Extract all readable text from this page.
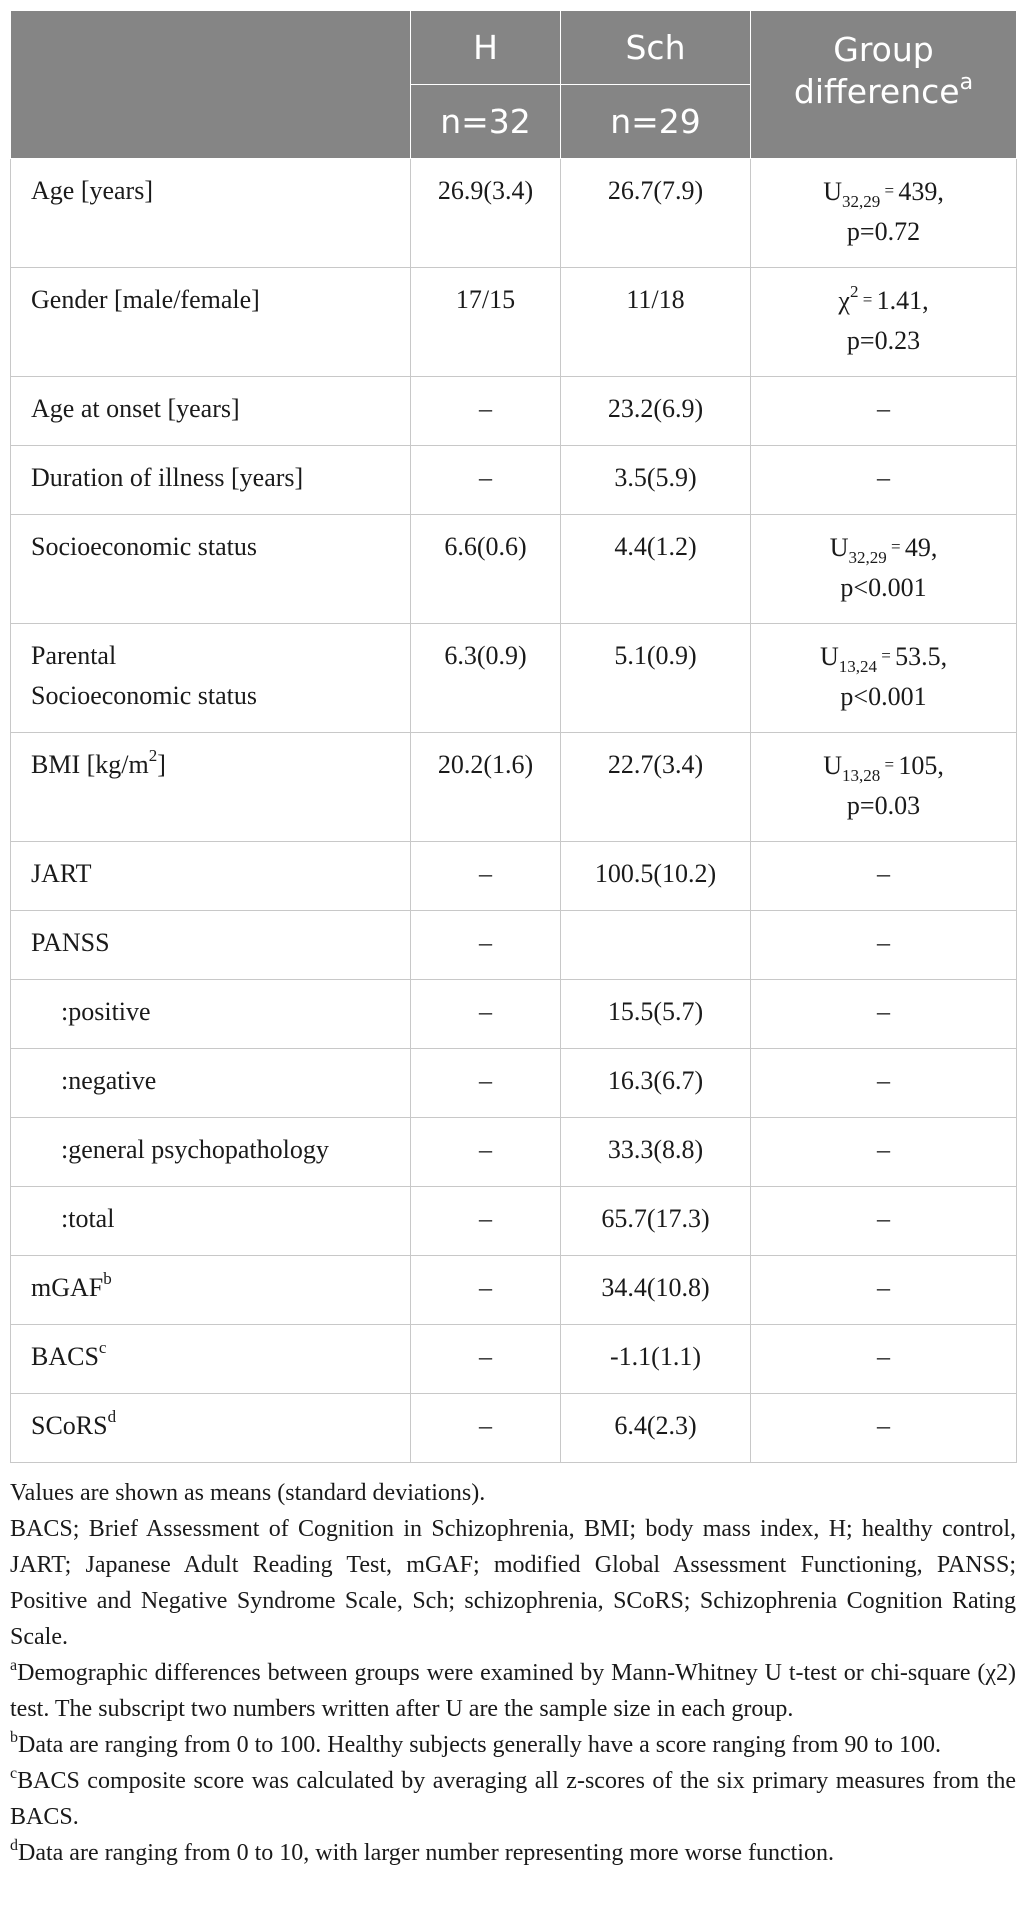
	H	Sch	Group difference$^a$
	n=32	n=29	
Age [years]	26.9(3.4)	26.7(7.9)	$U_{32,29} = 439$,
p=0.72
Gender [male/female]	17/15	11/18	$\chi^2 = 1.41$,
p=0.23
Age at onset [years]	–	23.2(6.9)	–
Duration of illness [years]	–	3.5(5.9)	–
Socioeconomic status	6.6(0.6)	4.4(1.2)	$U_{32,29} = 49$,
p<0.001
Parental
Socioeconomic status	6.3(0.9)	5.1(0.9)	$U_{13,24} = 53.5$,
p<0.001
BMI $[kg/m^2]$	20.2(1.6)	22.7(3.4)	$U_{13,28} = 105$,
p=0.03
JART	–	100.5(10.2)	–
PANSS	–		–
:positive	–	15.5(5.7)	–
:negative	–	16.3(6.7)	–
:general psychopathology	–	33.3(8.8)	–
:total	–	65.7(17.3)	–
mGAF$^b$	–	34.4(10.8)	–
BACS$^c$	–	-1.1(1.1)	–
SCoRS$^d$	–	6.4(2.3)	–

Values are shown as means (standard deviations).

BACS; Brief Assessment of Cognition in Schizophrenia, BMI; body mass index, H; healthy control, JART; Japanese Adult Reading Test, mGAF; modified Global Assessment Functioning, PANSS; Positive and Negative Syndrome Scale, Sch; schizophrenia, SCoRS; Schizophrenia Cognition Rating Scale.

$^a$Demographic differences between groups were examined by Mann-Whitney U t-test or chi-square (χ2) test. The subscript two numbers written after U are the sample size in each group.

$^b$Data are ranging from 0 to 100. Healthy subjects generally have a score ranging from 90 to 100.

$^c$BACS composite score was calculated by averaging all z-scores of the six primary measures from the BACS.

$^d$Data are ranging from 0 to 10, with larger number representing more worse function.
